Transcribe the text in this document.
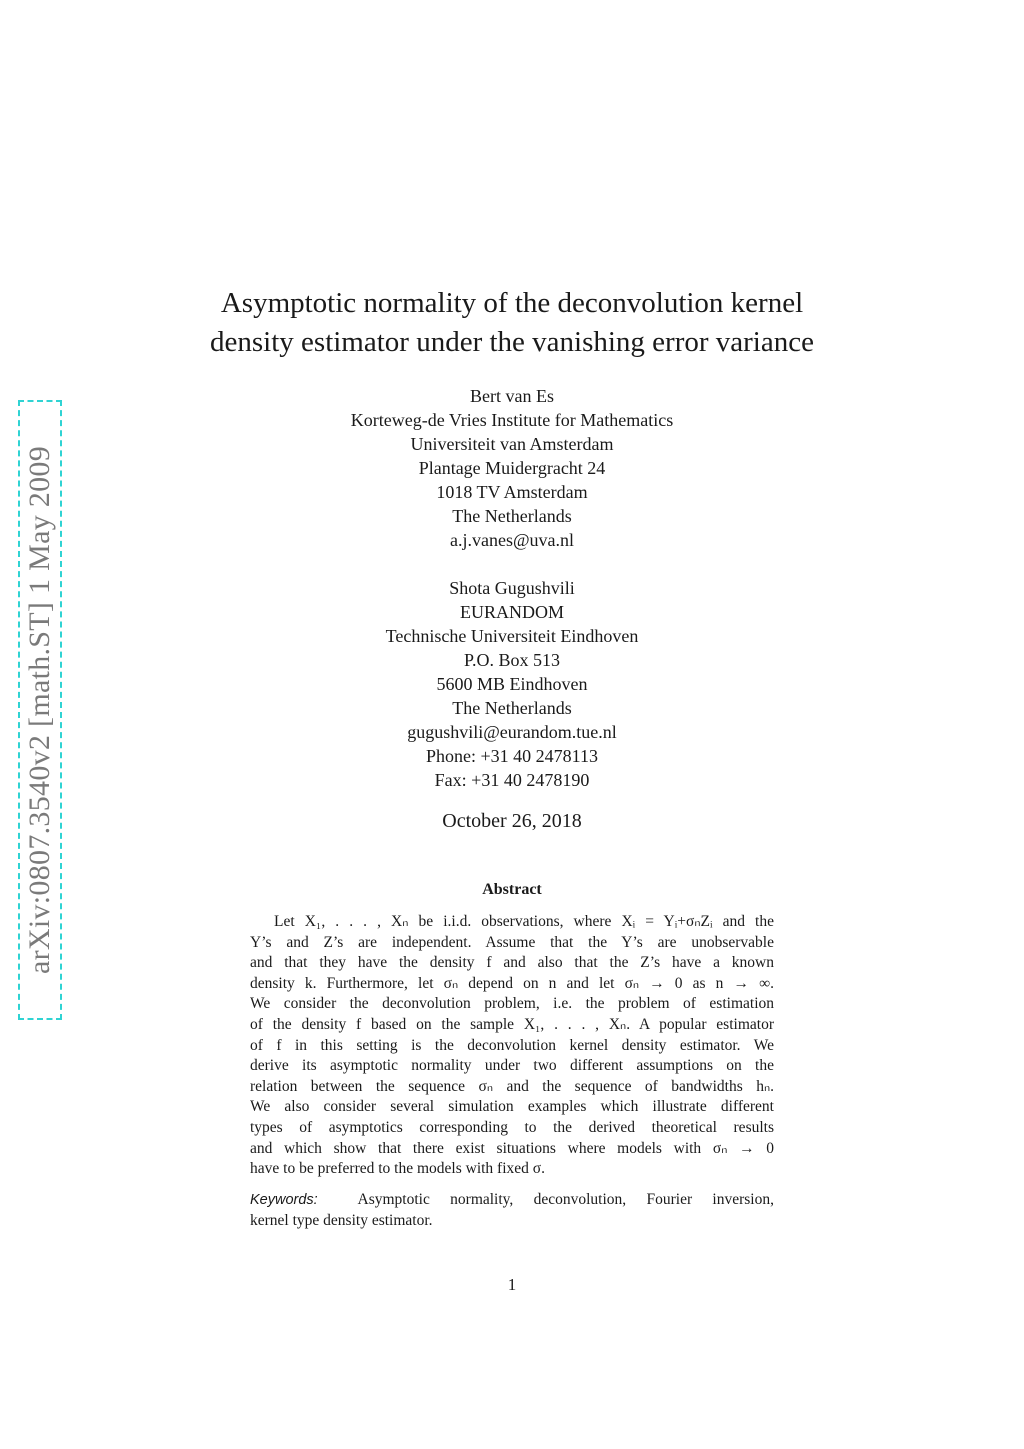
arXiv:0807.3540v2 [math.ST] 1 May 2009
Asymptotic normality of the deconvolution kernel
density estimator under the vanishing error variance
Bert van Es
Korteweg-de Vries Institute for Mathematics
Universiteit van Amsterdam
Plantage Muidergracht 24
1018 TV Amsterdam
The Netherlands
a.j.vanes@uva.nl
Shota Gugushvili
EURANDOM
Technische Universiteit Eindhoven
P.O. Box 513
5600 MB Eindhoven
The Netherlands
gugushvili@eurandom.tue.nl
Phone: +31 40 2478113
Fax: +31 40 2478190
October 26, 2018
Abstract
Let X₁, . . . , Xₙ be i.i.d. observations, where Xᵢ = Yᵢ+σₙZᵢ and the
Y’s and Z’s are independent. Assume that the Y’s are unobservable
and that they have the density f and also that the Z’s have a known
density k. Furthermore, let σₙ depend on n and let σₙ → 0 as n → ∞.
We consider the deconvolution problem, i.e. the problem of estimation
of the density f based on the sample X₁, . . . , Xₙ. A popular estimator
of f in this setting is the deconvolution kernel density estimator. We
derive its asymptotic normality under two different assumptions on the
relation between the sequence σₙ and the sequence of bandwidths hₙ.
We also consider several simulation examples which illustrate different
types of asymptotics corresponding to the derived theoretical results
and which show that there exist situations where models with σₙ → 0
have to be preferred to the models with fixed σ.
Keywords:	Asymptotic normality, deconvolution, Fourier inversion,
kernel type density estimator.
1
